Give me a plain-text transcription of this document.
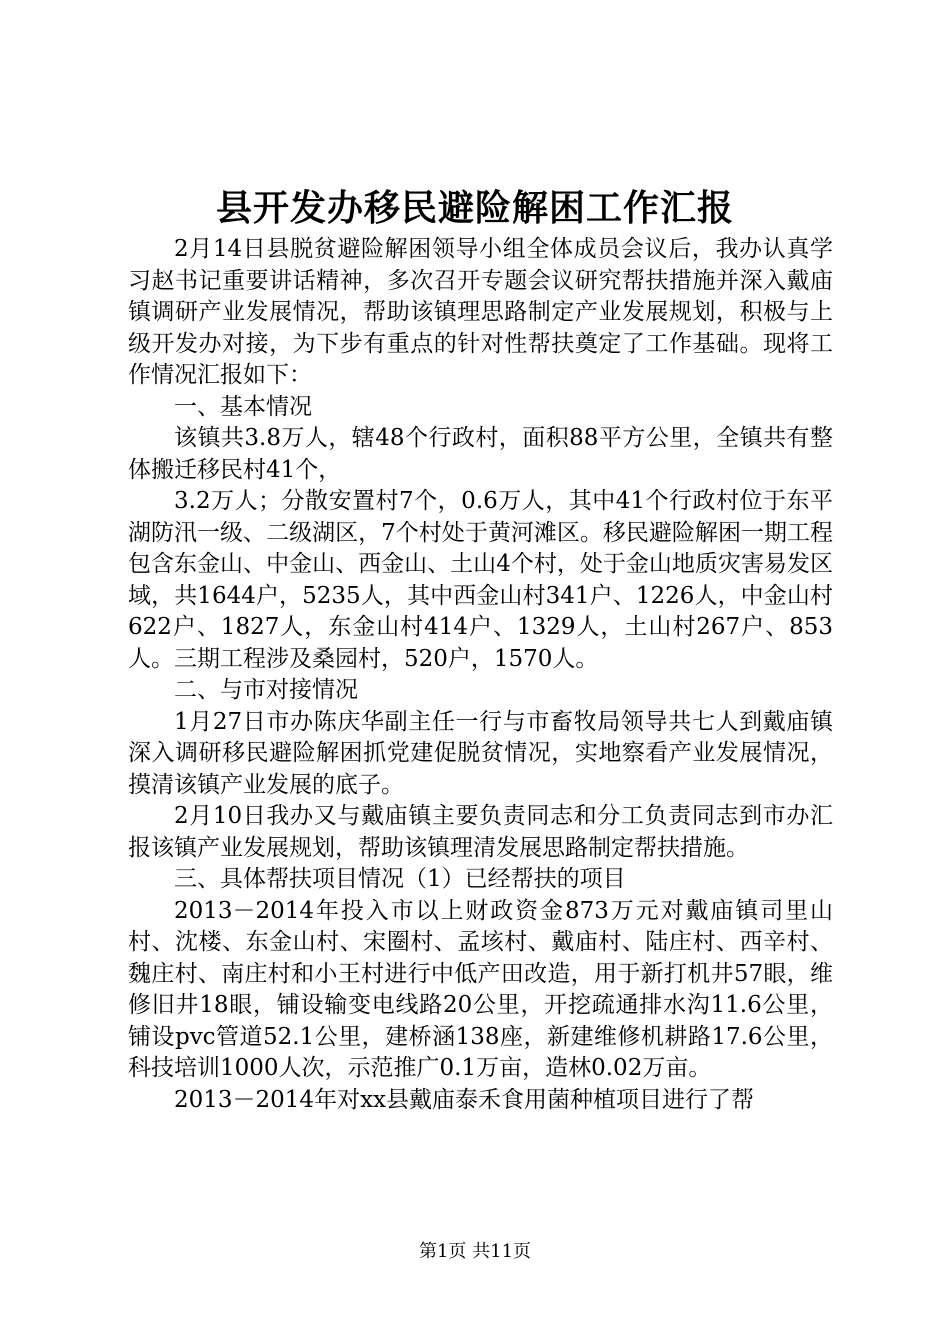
县开发办移民避险解困工作汇报

2月14日县脱贫避险解困领导小组全体成员会议后，我办认真学习赵书记重要讲话精神，多次召开专题会议研究帮扶措施并深入戴庙镇调研产业发展情况，帮助该镇理思路制定产业发展规划，积极与上级开发办对接，为下步有重点的针对性帮扶奠定了工作基础。现将工作情况汇报如下：

一、基本情况

该镇共3.8万人，辖48个行政村，面积88平方公里，全镇共有整体搬迁移民村41个，

3.2万人；分散安置村7个，0.6万人，其中41个行政村位于东平湖防汛一级、二级湖区，7个村处于黄河滩区。移民避险解困一期工程包含东金山、中金山、西金山、土山4个村，处于金山地质灾害易发区域，共1644户，5235人，其中西金山村341户、1226人，中金山村622户、1827人，东金山村414户、1329人，土山村267户、853人。三期工程涉及桑园村，520户，1570人。

二、与市对接情况

1月27日市办陈庆华副主任一行与市畜牧局领导共七人到戴庙镇深入调研移民避险解困抓党建促脱贫情况，实地察看产业发展情况，摸清该镇产业发展的底子。

2月10日我办又与戴庙镇主要负责同志和分工负责同志到市办汇报该镇产业发展规划，帮助该镇理清发展思路制定帮扶措施。

三、具体帮扶项目情况（1）已经帮扶的项目

2013－2014年投入市以上财政资金873万元对戴庙镇司里山村、沈楼、东金山村、宋圈村、孟垓村、戴庙村、陆庄村、西辛村、魏庄村、南庄村和小王村进行中低产田改造，用于新打机井57眼，维修旧井18眼，铺设输变电线路20公里，开挖疏通排水沟11.6公里，铺设pvc管道52.1公里，建桥涵138座，新建维修机耕路17.6公里，科技培训1000人次，示范推广0.1万亩，造林0.02万亩。

2013－2014年对xx县戴庙泰禾食用菌种植项目进行了帮

第1页 共11页
